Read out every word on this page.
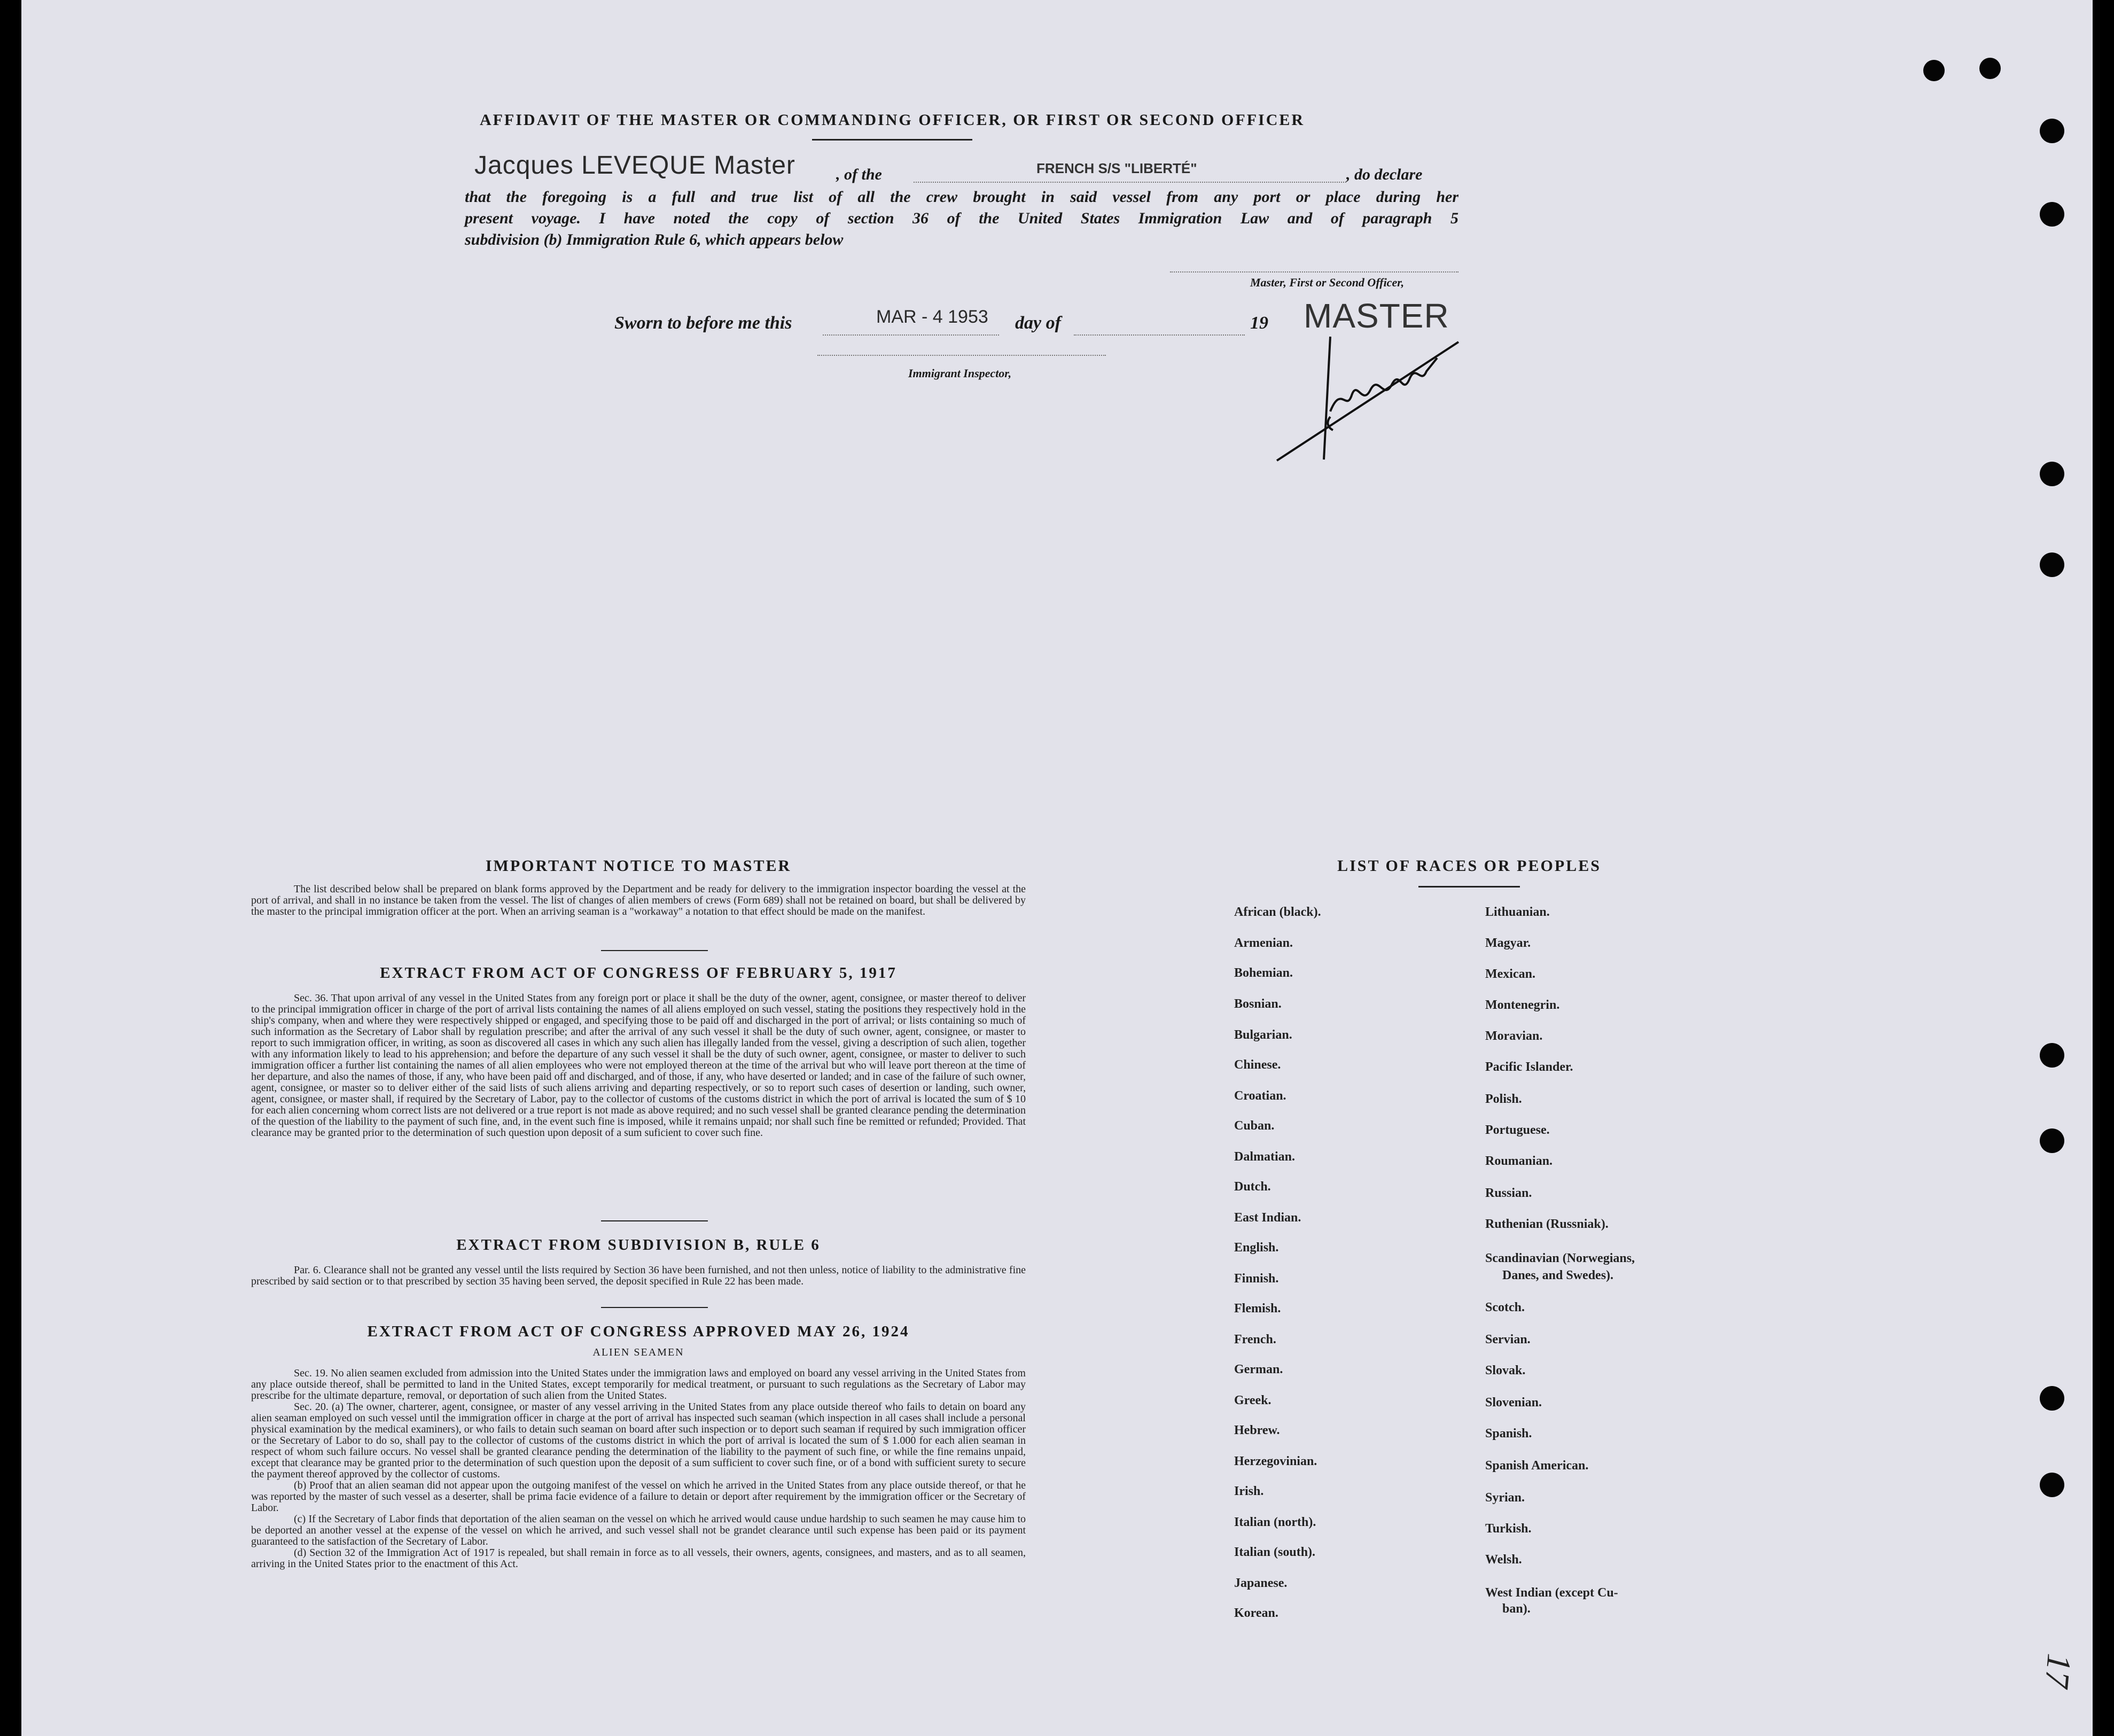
AFFIDAVIT OF THE MASTER OR COMMANDING OFFICER, OR FIRST OR SECOND OFFICER
Jacques LEVEQUE Master	, of the	FRENCH S/S "LIBERTÉ"	, do declare
that the foregoing is a full and true list of all the crew brought in said vessel from any port or place during her
present voyage. I have noted the copy of section 36 of the United States Immigration Law and of paragraph 5
subdivision (b) Immigration Rule 6, which appears below
Master, First or Second Officer,
Sworn to before me this	MAR - 4 1953 day of	19 MASTER
Immigrant Inspector,
IMPORTANT NOTICE TO MASTER
The list described below shall be prepared on blank forms approved by the Department and be ready for delivery to the immigration inspector boarding the vessel at the port of arrival, and shall in no instance be taken from the vessel. The list of changes of alien members of crews (Form 689) shall not be retained on board, but shall be delivered by the master to the principal immigration officer at the port. When an arriving seaman is a "workaway" a notation to that effect should be made on the manifest.
EXTRACT FROM ACT OF CONGRESS OF FEBRUARY 5, 1917
Sec. 36. That upon arrival of any vessel in the United States from any foreign port or place it shall be the duty of the owner, agent, consignee, or master thereof to deliver to the principal immigration officer in charge of the port of arrival lists containing the names of all aliens employed on such vessel, stating the positions they respectively hold in the ship's company, when and where they were respectively shipped or engaged, and specifying those to be paid off and discharged in the port of arrival; or lists containing so much of such information as the Secretary of Labor shall by regulation prescribe; and after the arrival of any such vessel it shall be the duty of such owner, agent, consignee, or master to report to such immigration officer, in writing, as soon as discovered all cases in which any such alien has illegally landed from the vessel, giving a description of such alien, together with any information likely to lead to his apprehension; and before the departure of any such vessel it shall be the duty of such owner, agent, consignee, or master to deliver to such immigration officer a further list containing the names of all alien employees who were not employed thereon at the time of the arrival but who will leave port thereon at the time of her departure, and also the names of those, if any, who have been paid off and discharged, and of those, if any, who have deserted or landed; and in case of the failure of such owner, agent, consignee, or master so to deliver either of the said lists of such aliens arriving and departing respectively, or so to report such cases of desertion or landing, such owner, agent, consignee, or master shall, if required by the Secretary of Labor, pay to the collector of customs of the customs district in which the port of arrival is located the sum of $ 10 for each alien concerning whom correct lists are not delivered or a true report is not made as above required; and no such vessel shall be granted clearance pending the determination of the question of the liability to the payment of such fine, and, in the event such fine is imposed, while it remains unpaid; nor shall such fine be remitted or refunded; Provided. That clearance may be granted prior to the determination of such question upon deposit of a sum suficient to cover such fine.
EXTRACT FROM SUBDIVISION B, RULE 6
Par. 6. Clearance shall not be granted any vessel until the lists required by Section 36 have been furnished, and not then unless, notice of liability to the administrative fine prescribed by said section or to that prescribed by section 35 having been served, the deposit specified in Rule 22 has been made.
EXTRACT FROM ACT OF CONGRESS APPROVED MAY 26, 1924
ALIEN SEAMEN
Sec. 19. No alien seamen excluded from admission into the United States under the immigration laws and employed on board any vessel arriving in the United States from any place outside thereof, shall be permitted to land in the United States, except temporarily for medical treatment, or pursuant to such regulations as the Secretary of Labor may prescribe for the ultimate departure, removal, or deportation of such alien from the United States.
Sec. 20. (a) The owner, charterer, agent, consignee, or master of any vessel arriving in the United States from any place outside thereof who fails to detain on board any alien seaman employed on such vessel until the immigration officer in charge at the port of arrival has inspected such seaman (which inspection in all cases shall include a personal physical examination by the medical examiners), or who fails to detain such seaman on board after such inspection or to deport such seaman if required by such immigration officer or the Secretary of Labor to do so, shall pay to the collector of customs of the customs district in which the port of arrival is located the sum of $ 1.000 for each alien seaman in respect of whom such failure occurs. No vessel shall be granted clearance pending the determination of the liability to the payment of such fine, or while the fine remains unpaid, except that clearance may be granted prior to the determination of such question upon the deposit of a sum sufficient to cover such fine, or of a bond with sufficient surety to secure the payment thereof approved by the collector of customs.
(b) Proof that an alien seaman did not appear upon the outgoing manifest of the vessel on which he arrived in the United States from any place outside thereof, or that he was reported by the master of such vessel as a deserter, shall be prima facie evidence of a failure to detain or deport after requirement by the immigration officer or the Secretary of Labor.
(c) If the Secretary of Labor finds that deportation of the alien seaman on the vessel on which he arrived would cause undue hardship to such seamen he may cause him to be deported an another vessel at the expense of the vessel on which he arrived, and such vessel shall not be grandet clearance until such expense has been paid or its payment guaranteed to the satisfaction of the Secretary of Labor.
(d) Section 32 of the Immigration Act of 1917 is repealed, but shall remain in force as to all vessels, their owners, agents, consignees, and masters, and as to all seamen, arriving in the United States prior to the enactment of this Act.
LIST OF RACES OR PEOPLES
African (black).
Armenian.
Bohemian.
Bosnian.
Bulgarian.
Chinese.
Croatian.
Cuban.
Dalmatian.
Dutch.
East Indian.
English.
Finnish.
Flemish.
French.
German.
Greek.
Hebrew.
Herzegovinian.
Irish.
Italian (north).
Italian (south).
Japanese.
Korean.
Lithuanian.
Magyar.
Mexican.
Montenegrin.
Moravian.
Pacific Islander.
Polish.
Portuguese.
Roumanian.
Russian.
Ruthenian (Russniak).
Scandinavian (Norwegians,
Danes, and Swedes).
Scotch.
Servian.
Slovak.
Slovenian.
Spanish.
Spanish American.
Syrian.
Turkish.
Welsh.
West Indian (except Cu-
ban).
17
